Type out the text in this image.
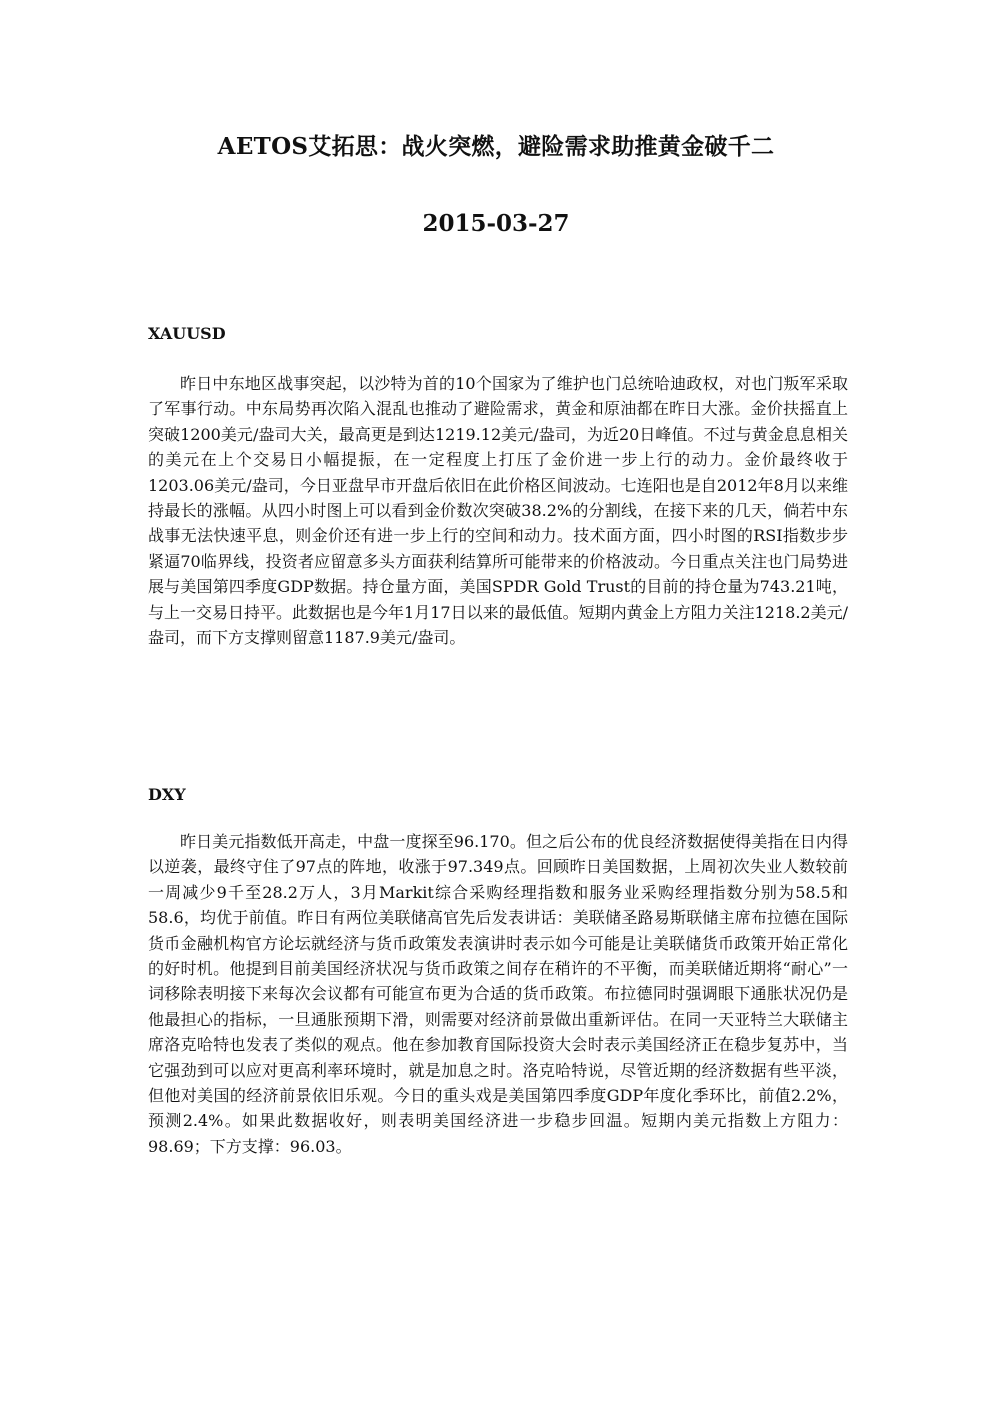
AETOS艾拓思：战火突燃，避险需求助推黄金破千二
2015-03-27
XAUUSD

昨日中东地区战事突起，以沙特为首的10个国家为了维护也门总统哈迪政权，对也门叛军采取了军事行动。中东局势再次陷入混乱也推动了避险需求，黄金和原油都在昨日大涨。金价扶摇直上突破1200美元/盎司大关，最高更是到达1219.12美元/盎司，为近20日峰值。不过与黄金息息相关的美元在上个交易日小幅提振，在一定程度上打压了金价进一步上行的动力。金价最终收于1203.06美元/盎司，今日亚盘早市开盘后依旧在此价格区间波动。七连阳也是自2012年8月以来维持最长的涨幅。从四小时图上可以看到金价数次突破38.2%的分割线，在接下来的几天，倘若中东战事无法快速平息，则金价还有进一步上行的空间和动力。技术面方面，四小时图的RSI指数步步紧逼70临界线，投资者应留意多头方面获利结算所可能带来的价格波动。今日重点关注也门局势进展与美国第四季度GDP数据。持仓量方面，美国SPDR Gold Trust的目前的持仓量为743.21吨，与上一交易日持平。此数据也是今年1月17日以来的最低值。短期内黄金上方阻力关注1218.2美元/盎司，而下方支撑则留意1187.9美元/盎司。

DXY

昨日美元指数低开高走，中盘一度探至96.170。但之后公布的优良经济数据使得美指在日内得以逆袭，最终守住了97点的阵地，收涨于97.349点。回顾昨日美国数据，上周初次失业人数较前一周减少9千至28.2万人，3月Markit综合采购经理指数和服务业采购经理指数分别为58.5和58.6，均优于前值。昨日有两位美联储高官先后发表讲话：美联储圣路易斯联储主席布拉德在国际货币金融机构官方论坛就经济与货币政策发表演讲时表示如今可能是让美联储货币政策开始正常化的好时机。他提到目前美国经济状况与货币政策之间存在稍许的不平衡，而美联储近期将“耐心”一词移除表明接下来每次会议都有可能宣布更为合适的货币政策。布拉德同时强调眼下通胀状况仍是他最担心的指标，一旦通胀预期下滑，则需要对经济前景做出重新评估。在同一天亚特兰大联储主席洛克哈特也发表了类似的观点。他在参加教育国际投资大会时表示美国经济正在稳步复苏中，当它强劲到可以应对更高利率环境时，就是加息之时。洛克哈特说，尽管近期的经济数据有些平淡，但他对美国的经济前景依旧乐观。今日的重头戏是美国第四季度GDP年度化季环比，前值2.2%，预测2.4%。如果此数据收好，则表明美国经济进一步稳步回温。短期内美元指数上方阻力：98.69；下方支撑：96.03。
